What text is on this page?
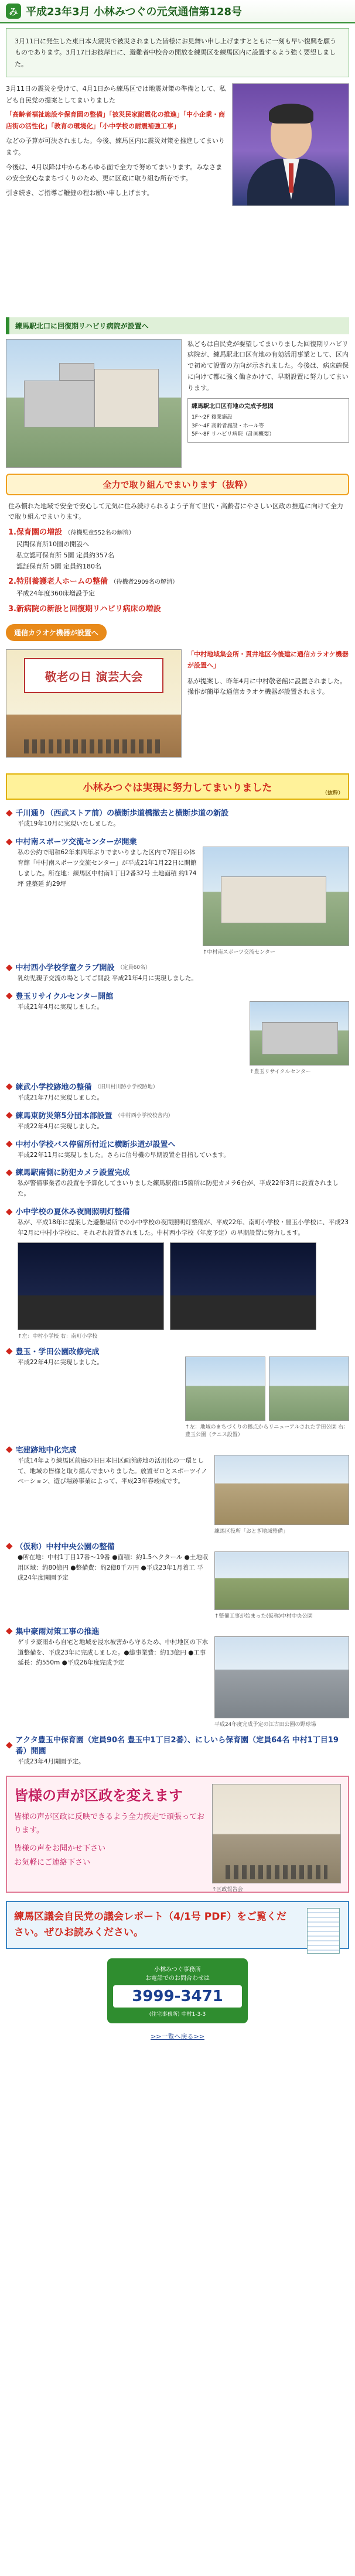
み 平成23年3月 小林みつぐの元気通信第128号
3月11日に発生した東日本大震災で被災されました皆様にお見舞い申し上げますとともに一刻も早い復興を願うものであります。3月17日お彼岸日に、避難者中校舎の開放を練馬区を練馬区内に設置するよう強く要望しました。

3月11日の震災を受けて、4月1日から練馬区では地震対策の準備として、私ども自民党の提案としてまいりました

「高齢者福祉施設や保育園の整備」「被災民家耐震化の推進」「中小企業・商店街の活性化」「教育の環境化」「小中学校の耐震補強工事」

などの予算が可決されました。今後、練馬区内に震災対策を推進してまいります。

今後は、4月以降は中からあらゆる面で全力で努めてまいります。みなさまの安全安心なまちづくりのため、更に区政に取り組む所存です。

引き続き、ご指導ご鞭撻の程お願い申し上げます。

練馬駅北口に回復期リハビリ病院が設置へ
私どもは自民党が要望してまいりました回復期リハビリ病院が、練馬駅北口区有地の有効活用事業として、区内で初めて設置の方向が示されました。今後は、病床確保に向けて都に強く働きかけて、早期設置に努力してまいります。
練馬駅北口区有地の完成予想図
1F〜2F 複業施設
3F〜4F 高齢者施設・ホール等
5F〜8F リハビリ病院（計画概要）
全力で取り組んでまいります（抜粋）
住み慣れた地域で安全で安心して元気に住み続けられるよう子育て世代・高齢者にやさしい区政の推進に向けて全力で取り組んでまいります。
1.保育園の増設 （待機児童552名の解消）
民間保育所10園の開設へ
私立認可保育所 5園 定員約357名
認証保育所 5園 定員約180名
2.特別養護老人ホームの整備 （待機者2909名の解消）
平成24年度360床増設予定
3.新病院の新設と回復期リハビリ病床の増設
通信カラオケ機器が設置へ
敬老の日 演芸大会
「中村地域集会所・貫井地区今後建に通信カラオケ機器が設置へ」
私が提案し、昨年4月に中村敬老館に設置されました。操作が簡単な通信カラオケ機器が設置されます。
小林みつぐは実現に努力してまいりました	（抜粋）
◆ 千川通り（西武ストア前）の横断歩道橋撤去と横断歩道の新設
平成19年10月に実現いたしました。
◆ 中村南スポーツ交流センターが開業
私の公約で昭和62年来四年ぶりでまいりました区内で7館目の体育館「中村南スポーツ交流センター」が平成21年1月22日に開館しました。所在地：練馬区中村南1丁目2番32号 土地面積 約174坪 建築延 約29坪
↑中村南スポーツ交流センター
◆ 中村西小学校学童クラブ開設 （定員60名）
乳幼児親子交流の場としてご開設 平成21年4月に実現しました。
◆ 豊玉リサイクルセンター開館
平成21年4月に実現しました。
↑豊玉リサイクルセンター
◆ 練武小学校跡地の整備 （旧川村川跡小学校跡地）
平成21年7月に実現しました。
◆ 練馬東防災第5分団本部設置 （中村西小学校校舎内）
平成22年4月に実現しました。
◆ 中村小学校バス停留所付近に横断歩道が設置へ
平成22年11月に実現しました。さらに信号機の早期設置を目指しています。
◆ 練馬駅南側に防犯カメラ設置完成
私が警備事業者の設置を予算化してまいりました練馬駅南口5箇所に防犯カメラ6台が、平成22年3月に設置されました。
◆ 小中学校の夏休み夜間照明灯整備
私が、平成18年に提案した避難場所での小中学校の夜間照明灯整備が、平成22年、南町小学校・豊玉小学校に、平成23年2月に中村小学校に、それぞれ設置されました。中村西小学校（年度予定）の早期設置に努力します。
↑左：中村小学校 右：南町小学校
◆ 豊玉・学田公園改修完成
平成22年4月に実現しました。
↑左：地域のまちづくりの拠点からリニューアルされた学田公園 右：豊玉公園（テニス設置）
◆ 宅建跡地中化完成
平成14年より練馬区前庭の旧日本旧区画所跡地の活用化の一環として、地域の皆様と取り組んでまいりました。放置ゼロとスポーツイノベーション、遊び場跡事業によって、平成23年春竣成です。
練馬区役所「おとぎ地域整備」
◆ （仮称）中村中央公園の整備
●所在地：中村1丁目17番〜19番 ●面積：約1.5ヘクタール ●土地収用区域：約80億円 ●整備費：約2億8千万円 ●平成23年1月着工 平成24年度開園予定
↑整備工事が始まった(仮称)中村中央公園
◆ 集中豪雨対策工事の推進
ゲリラ豪雨から自宅と地域を浸水被害から守るため、中村地区の下水道整備を、平成23年に完成しました。●総事業費：約13億円 ●工事延長：約550m ●平成26年度完成予定
平成24年度完成予定の江古田公園の野球場
◆ アクタ豊玉中保育園（定員90名 豊玉中1丁目2番）、にしいら保育園（定員64名 中村1丁目19番）開園
平成23年4月開園予定。
皆様の声が区政を変えます
皆様の声が区政に反映できるよう全力疾走で頑張っております。
皆様の声をお聞かせ下さい
お気軽にご連絡下さい
↑区政報告会
練馬区議会自民党の議会レポート（4/1号 PDF）をご覧ください。ぜひお読みください。
小林みつぐ事務所
お電話でのお問合わせは
3999-3471
(住宅事務所) 中村1-3-3
>>一覧へ戻る>>
